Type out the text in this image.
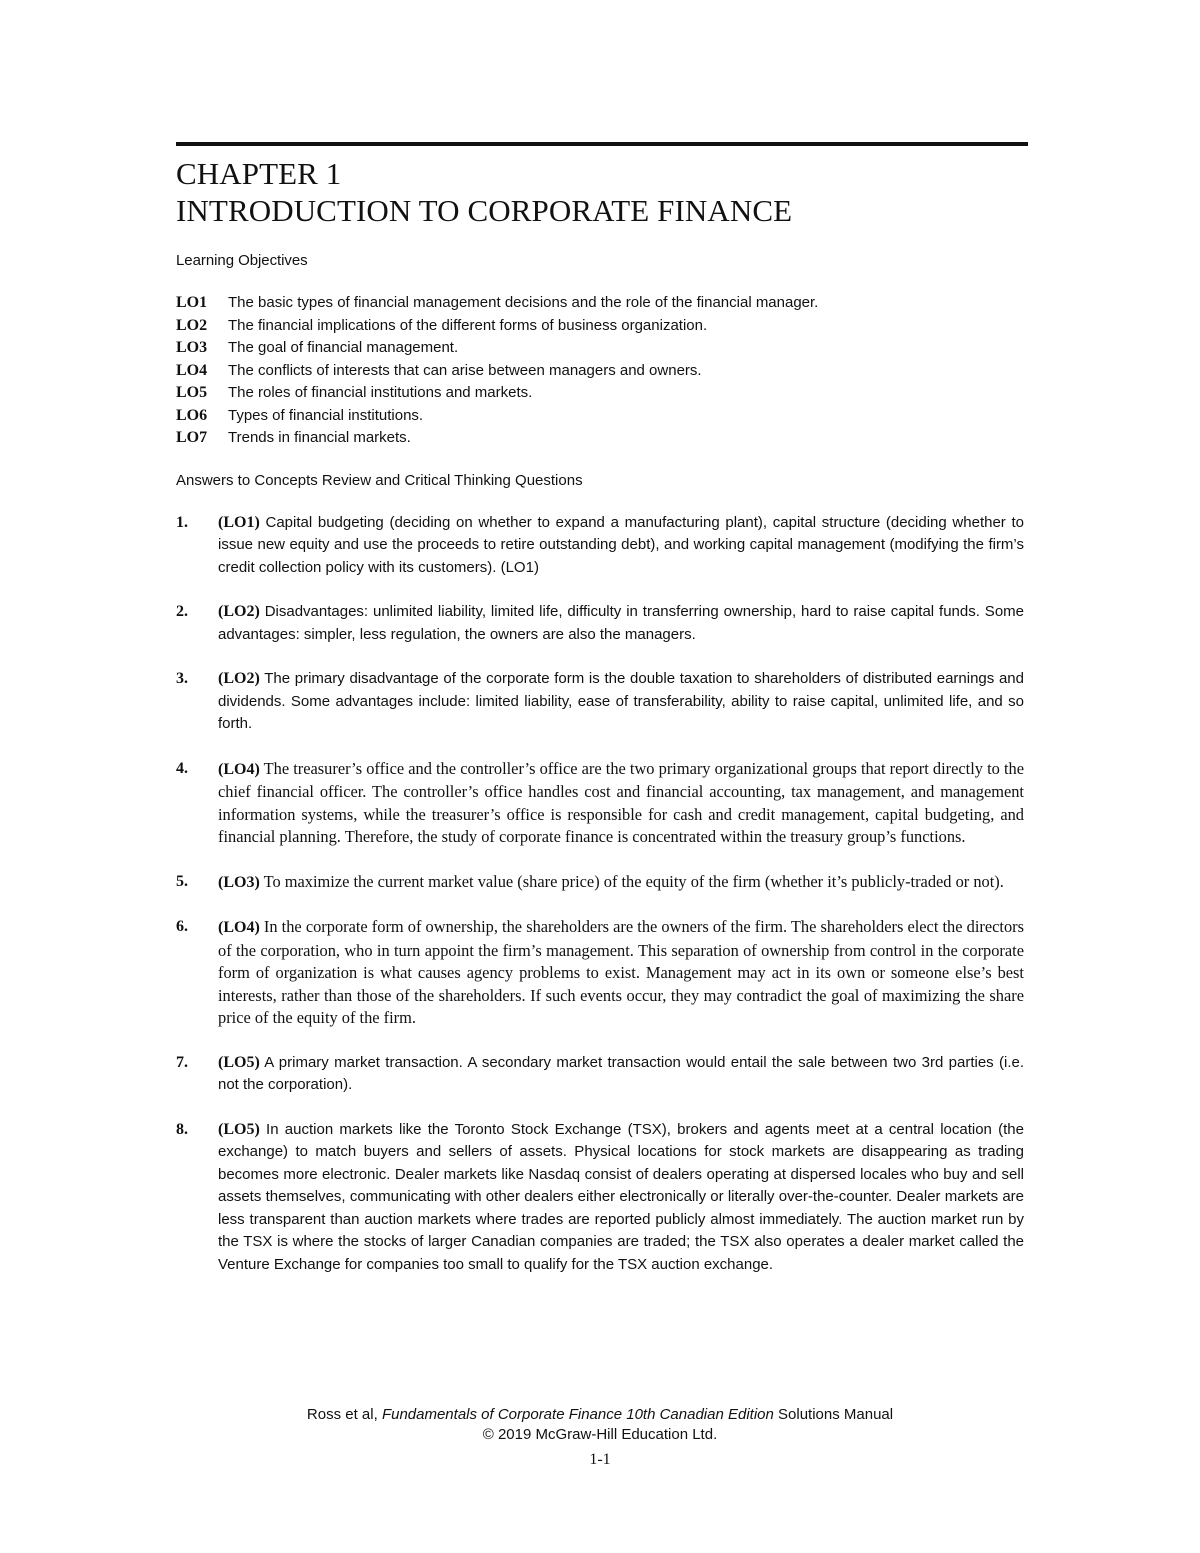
CHAPTER 1
INTRODUCTION TO CORPORATE FINANCE
Learning Objectives
LO1	The basic types of financial management decisions and the role of the financial manager.
LO2	The financial implications of the different forms of business organization.
LO3	The goal of financial management.
LO4	The conflicts of interests that can arise between managers and owners.
LO5	The roles of financial institutions and markets.
LO6	Types of financial institutions.
LO7	Trends in financial markets.
Answers to Concepts Review and Critical Thinking Questions
1.	(LO1) Capital budgeting (deciding on whether to expand a manufacturing plant), capital structure (deciding whether to issue new equity and use the proceeds to retire outstanding debt), and working capital management (modifying the firm’s credit collection policy with its customers). (LO1)
2.	(LO2) Disadvantages: unlimited liability, limited life, difficulty in transferring ownership, hard to raise capital funds. Some advantages: simpler, less regulation, the owners are also the managers.
3.	(LO2) The primary disadvantage of the corporate form is the double taxation to shareholders of distributed earnings and dividends. Some advantages include: limited liability, ease of transferability, ability to raise capital, unlimited life, and so forth.
4.	(LO4) The treasurer’s office and the controller’s office are the two primary organizational groups that report directly to the chief financial officer. The controller’s office handles cost and financial accounting, tax management, and management information systems, while the treasurer’s office is responsible for cash and credit management, capital budgeting, and financial planning. Therefore, the study of corporate finance is concentrated within the treasury group’s functions.
5.	(LO3) To maximize the current market value (share price) of the equity of the firm (whether it’s publicly-traded or not).
6.	(LO4) In the corporate form of ownership, the shareholders are the owners of the firm. The shareholders elect the directors of the corporation, who in turn appoint the firm’s management. This separation of ownership from control in the corporate form of organization is what causes agency problems to exist. Management may act in its own or someone else’s best interests, rather than those of the shareholders. If such events occur, they may contradict the goal of maximizing the share price of the equity of the firm.
7.	(LO5) A primary market transaction. A secondary market transaction would entail the sale between two 3rd parties (i.e. not the corporation).
8.	(LO5) In auction markets like the Toronto Stock Exchange (TSX), brokers and agents meet at a central location (the exchange) to match buyers and sellers of assets. Physical locations for stock markets are disappearing as trading becomes more electronic. Dealer markets like Nasdaq consist of dealers operating at dispersed locales who buy and sell assets themselves, communicating with other dealers either electronically or literally over-the-counter. Dealer markets are less transparent than auction markets where trades are reported publicly almost immediately. The auction market run by the TSX is where the stocks of larger Canadian companies are traded; the TSX also operates a dealer market called the Venture Exchange for companies too small to qualify for the TSX auction exchange.
Ross et al, Fundamentals of Corporate Finance 10th Canadian Edition Solutions Manual
© 2019 McGraw-Hill Education Ltd.
1-1
